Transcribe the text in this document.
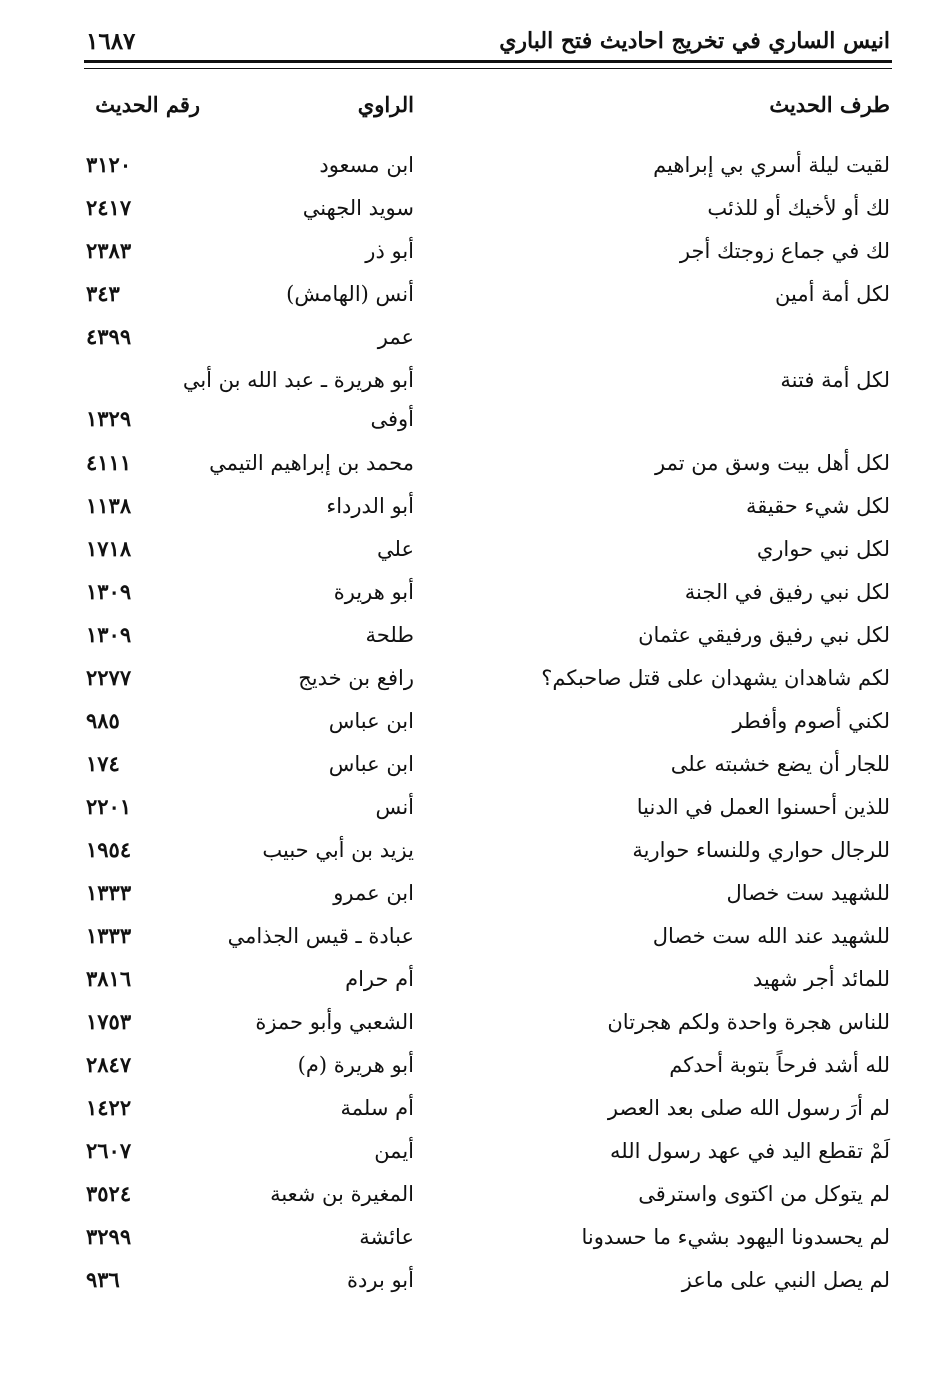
انيس الساري في تخريج احاديث فتح الباري
١٦٨٧
طرف الحديث
الراوي
رقم الحديث
لقيت ليلة أسري بي إبراهيم
ابن مسعود
٣١٢٠
لك أو لأخيك أو للذئب
سويد الجهني
٢٤١٧
لك في جماع زوجتك أجر
أبو ذر
٢٣٨٣
لكل أمة أمين
أنس (الهامش)
٣٤٣
عمر
٤٣٩٩
لكل أمة فتنة
أبو هريرة ـ عبد الله بن أبي
أوفى
١٣٢٩
لكل أهل بيت وسق من تمر
محمد بن إبراهيم التيمي
٤١١١
لكل شيء حقيقة
أبو الدرداء
١١٣٨
لكل نبي حواري
علي
١٧١٨
لكل نبي رفيق في الجنة
أبو هريرة
١٣٠٩
لكل نبي رفيق ورفيقي عثمان
طلحة
١٣٠٩
لكم شاهدان يشهدان على قتل صاحبكم؟
رافع بن خديج
٢٢٧٧
لكني أصوم وأفطر
ابن عباس
٩٨٥
للجار أن يضع خشبته على
ابن عباس
١٧٤
للذين أحسنوا العمل في الدنيا
أنس
٢٢٠١
للرجال حواري وللنساء حوارية
يزيد بن أبي حبيب
١٩٥٤
للشهيد ست خصال
ابن عمرو
١٣٣٣
للشهيد عند الله ست خصال
عبادة ـ قيس الجذامي
١٣٣٣
للمائد أجر شهيد
أم حرام
٣٨١٦
للناس هجرة واحدة ولكم هجرتان
الشعبي وأبو حمزة
١٧٥٣
لله أشد فرحاً بتوبة أحدكم
أبو هريرة (م)
٢٨٤٧
لم أرَ رسول الله صلى بعد العصر
أم سلمة
١٤٢٢
لَمْ تقطع اليد في عهد رسول الله
أيمن
٢٦٠٧
لم يتوكل من اكتوى واسترقى
المغيرة بن شعبة
٣٥٢٤
لم يحسدونا اليهود بشيء ما حسدونا
عائشة
٣٢٩٩
لم يصل النبي على ماعز
أبو بردة
٩٣٦
